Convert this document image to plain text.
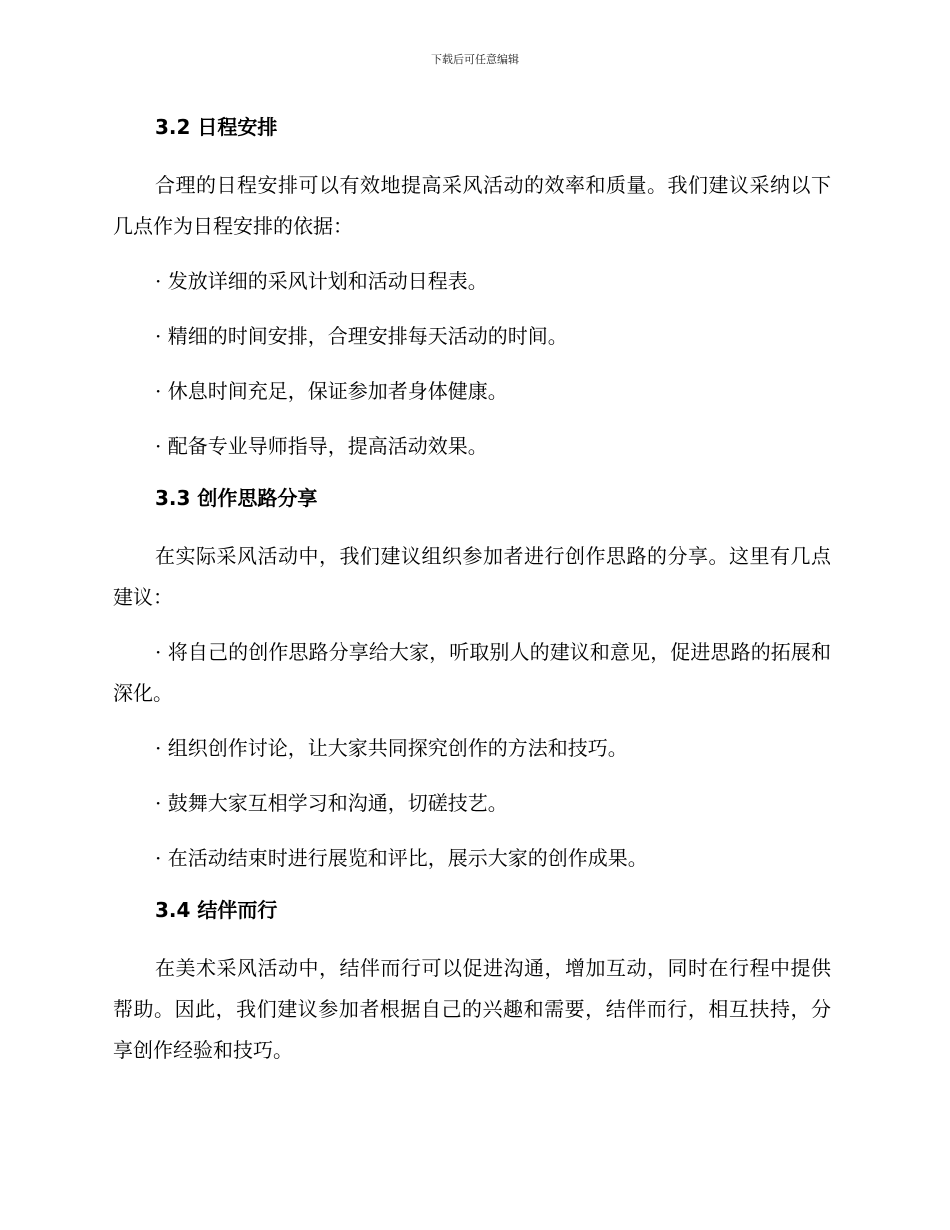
下载后可任意编辑
3.2 日程安排

合理的日程安排可以有效地提高采风活动的效率和质量。我们建议采纳以下几点作为日程安排的依据：

· 发放详细的采风计划和活动日程表。

· 精细的时间安排，合理安排每天活动的时间。

· 休息时间充足，保证参加者身体健康。

· 配备专业导师指导，提高活动效果。

3.3 创作思路分享

在实际采风活动中，我们建议组织参加者进行创作思路的分享。这里有几点建议：

· 将自己的创作思路分享给大家，听取别人的建议和意见，促进思路的拓展和深化。

· 组织创作讨论，让大家共同探究创作的方法和技巧。

· 鼓舞大家互相学习和沟通，切磋技艺。

· 在活动结束时进行展览和评比，展示大家的创作成果。

3.4 结伴而行

在美术采风活动中，结伴而行可以促进沟通，增加互动，同时在行程中提供帮助。因此，我们建议参加者根据自己的兴趣和需要，结伴而行，相互扶持，分享创作经验和技巧。
